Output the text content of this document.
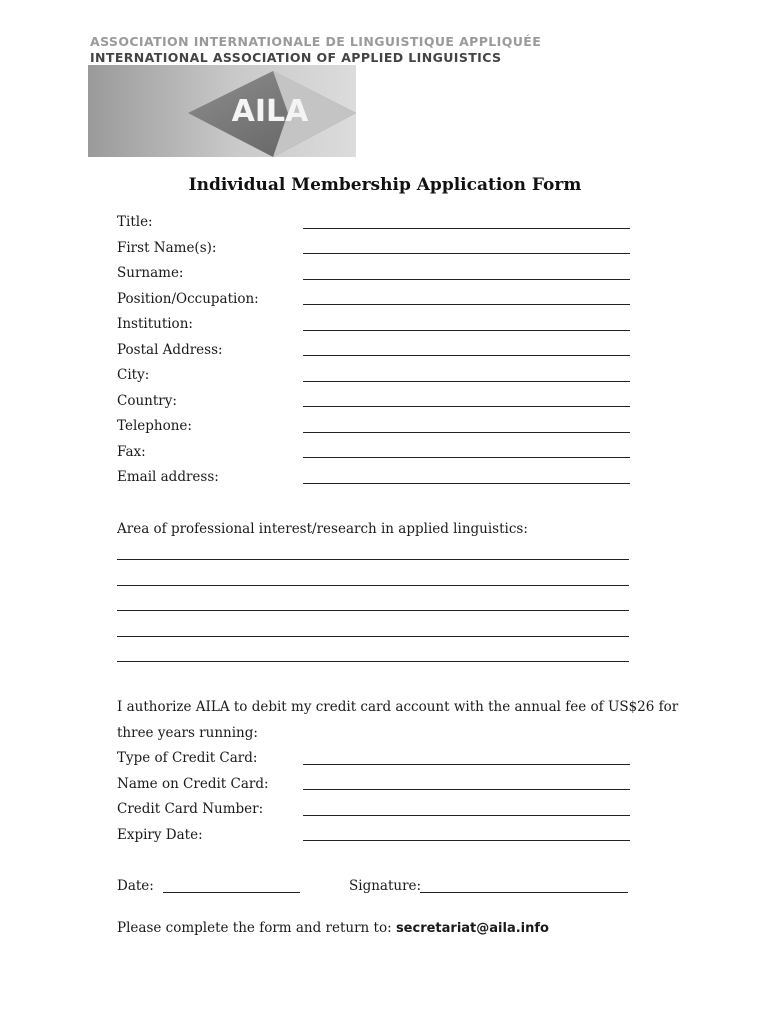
ASSOCIATION INTERNATIONALE DE LINGUISTIQUE APPLIQUÉE
INTERNATIONAL ASSOCIATION OF APPLIED LINGUISTICS
AILA
Individual Membership Application Form
Title:
First Name(s):
Surname:
Position/Occupation:
Institution:
Postal Address:
City:
Country:
Telephone:
Fax:
Email address:
Area of professional interest/research in applied linguistics:
I authorize AILA to debit my credit card account with the annual fee of US$26 for
three years running:
Type of Credit Card:
Name on Credit Card:
Credit Card Number:
Expiry Date:
Date:	Signature:
Please complete the form and return to: secretariat@aila.info
